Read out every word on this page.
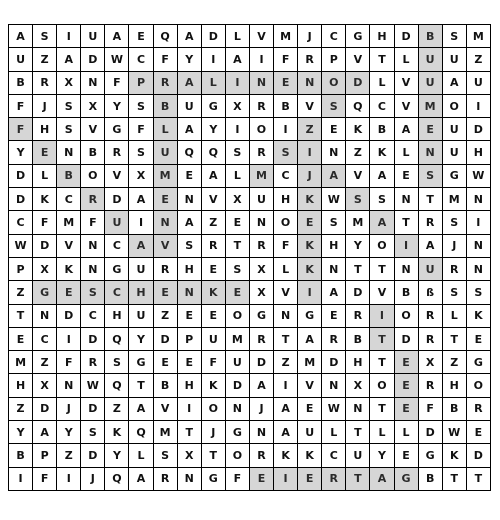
A	S	I	U	A	E	Q	A	D	L	V	M	J	C	G	H	D	B	S	M
U	Z	A	D	W	C	F	Y	I	A	I	F	R	P	V	T	L	U	U	Z
B	R	X	N	F	P	R	A	L	I	N	E	N	O	D	L	V	U	A	U
F	J	S	X	Y	S	B	U	G	X	R	B	V	S	Q	C	V	M	O	I
F	H	S	V	G	F	L	A	Y	I	O	I	Z	E	K	B	A	E	U	D
Y	E	N	B	R	S	U	Q	Q	S	R	S	I	N	Z	K	L	N	U	H
D	L	B	O	V	X	M	E	A	L	M	C	J	A	V	A	E	S	G	W
D	K	C	R	D	A	E	N	V	X	U	H	K	W	S	S	N	T	M	N
C	F	M	F	U	I	N	A	Z	E	N	O	E	S	M	A	T	R	S	I
W	D	V	N	C	A	V	S	R	T	R	F	K	H	Y	O	I	A	J	N
P	X	K	N	G	U	R	H	E	S	X	L	K	N	T	T	N	U	R	N
Z	G	E	S	C	H	E	N	K	E	X	V	I	A	D	V	B	ß	S	S
T	N	D	C	H	U	Z	E	E	O	G	N	G	E	R	I	O	R	L	K
E	C	I	D	Q	Y	D	P	U	M	R	T	A	R	B	T	D	R	T	E
M	Z	F	R	S	G	E	E	F	U	D	Z	M	D	H	T	E	X	Z	G
H	X	N	W	Q	T	B	H	K	D	A	I	V	N	X	O	E	R	H	O
Z	D	J	D	Z	A	V	I	O	N	J	A	E	W	N	T	E	F	B	R
Y	A	Y	S	K	Q	M	T	J	G	N	A	U	L	T	L	L	D	W	E
B	P	Z	D	Y	L	S	X	T	O	R	K	K	C	U	Y	E	G	K	D
I	F	I	J	Q	A	R	N	G	F	E	I	E	R	T	A	G	B	T	T
